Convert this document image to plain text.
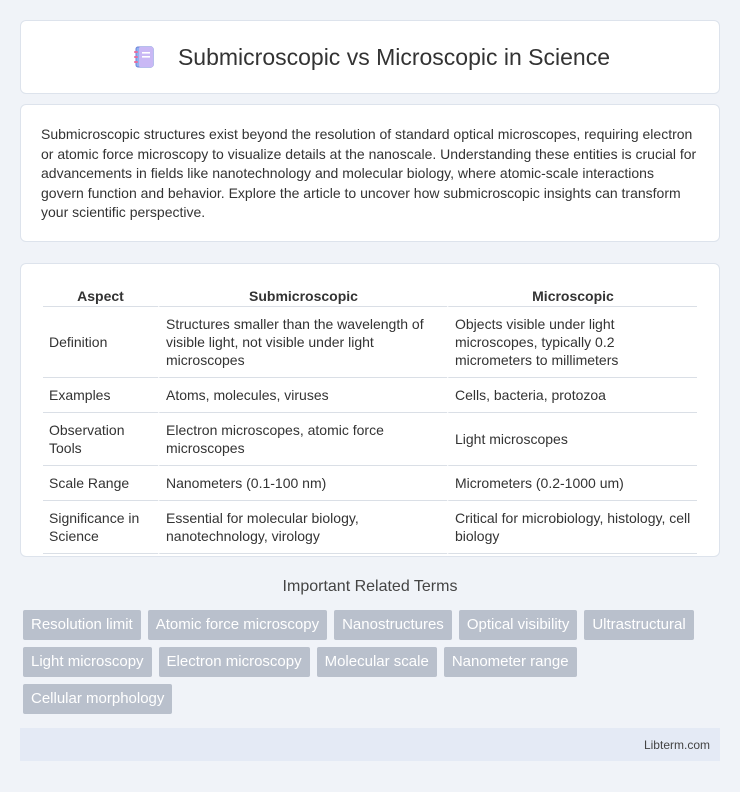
Submicroscopic vs Microscopic in Science

Submicroscopic structures exist beyond the resolution of standard optical microscopes, requiring electron or atomic force microscopy to visualize details at the nanoscale. Understanding these entities is crucial for advancements in fields like nanotechnology and molecular biology, where atomic-scale interactions govern function and behavior. Explore the article to uncover how submicroscopic insights can transform your scientific perspective.

Aspect	Submicroscopic	Microscopic
Definition	Structures smaller than the wavelength of visible light, not visible under light microscopes	Objects visible under light microscopes, typically 0.2 micrometers to millimeters
Examples	Atoms, molecules, viruses	Cells, bacteria, protozoa
Observation Tools	Electron microscopes, atomic force microscopes	Light microscopes
Scale Range	Nanometers (0.1-100 nm)	Micrometers (0.2-1000 um)
Significance in Science	Essential for molecular biology, nanotechnology, virology	Critical for microbiology, histology, cell biology
Important Related Terms
Resolution limit	Atomic force microscopy	Nanostructures	Optical visibility	Ultrastructural
Light microscopy	Electron microscopy	Molecular scale	Nanometer range
Cellular morphology
Libterm.com
